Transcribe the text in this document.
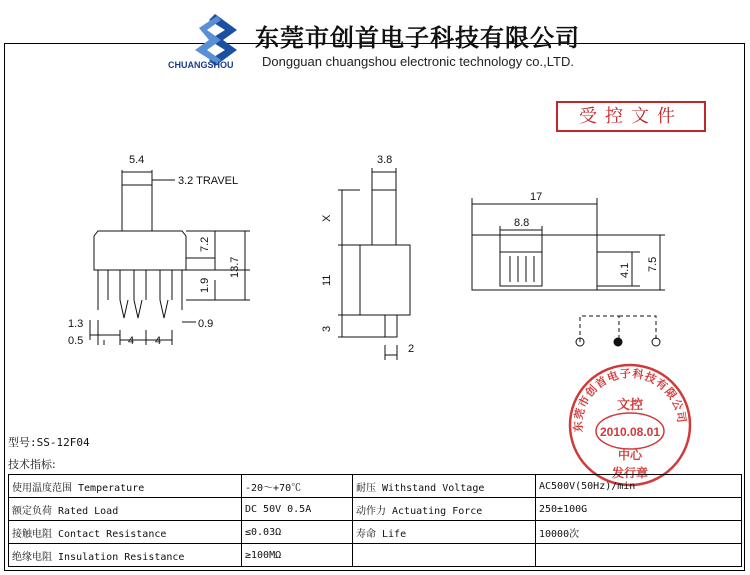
CHUANGSHOU
东莞市创首电子科技有限公司
Dongguan chuangshou electronic technology co.,LTD.
受控文件
5.4
3.2 TRAVEL
7.2
13.7
1.9
1.3	0.9
0.5	4 4
3.8
X
11
3
2
17
8.8
4.1 7.5
东莞市创首电子科技有限公司
文控
2010.08.01
中心
发行章
型号:SS-12F04
技术指标:
使用温度范围 Temperature	-20～+70℃	耐压 Withstand Voltage	AC500V(50Hz)/min
额定负荷 Rated Load	DC 50V 0.5A	动作力 Actuating Force	250±100G
接触电阻 Contact Resistance	≤0.03Ω	寿命 Life	10000次
绝缘电阻 Insulation Resistance	≥100MΩ		
